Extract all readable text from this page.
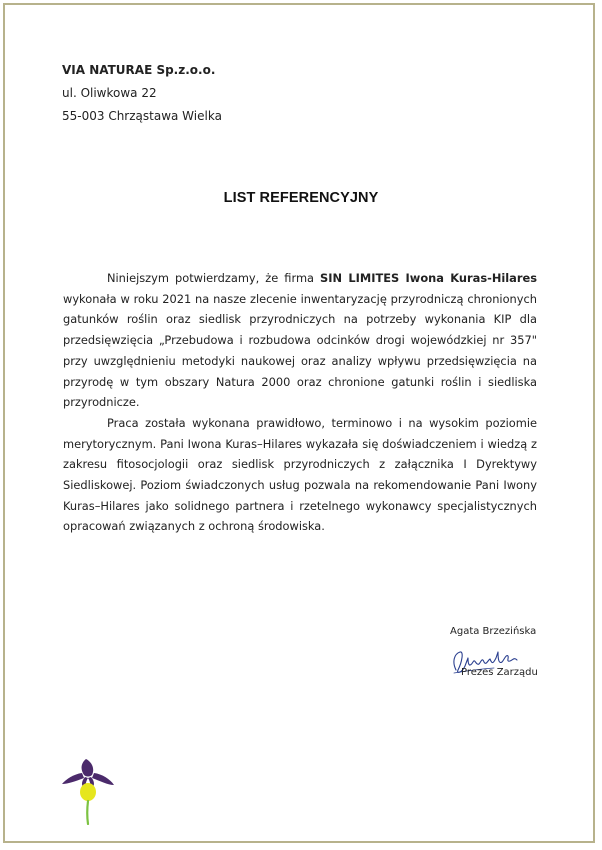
VIA NATURAE Sp.z.o.o.
ul. Oliwkowa 22
55-003 Chrząstawa Wielka
LIST REFERENCYJNY

Niniejszym potwierdzamy, że firma SIN LIMITES Iwona Kuras-Hilares wykonała w roku 2021 na nasze zlecenie inwentaryzację przyrodniczą chronionych gatunków roślin oraz siedlisk przyrodniczych na potrzeby wykonania KIP dla przedsięwzięcia „Przebudowa i rozbudowa odcinków drogi wojewódzkiej nr 357" przy uwzględnieniu metodyki naukowej oraz analizy wpływu przedsięwzięcia na przyrodę w tym obszary Natura 2000 oraz chronione gatunki roślin i siedliska przyrodnicze.

Praca została wykonana prawidłowo, terminowo i na wysokim poziomie merytorycznym. Pani Iwona Kuras–Hilares wykazała się doświadczeniem i wiedzą z zakresu fitosocjologii oraz siedlisk przyrodniczych z załącznika I Dyrektywy Siedliskowej. Poziom świadczonych usług pozwala na rekomendowanie Pani Iwony Kuras–Hilares jako solidnego partnera i rzetelnego wykonawcy specjalistycznych opracowań związanych z ochroną środowiska.

Agata Brzezińska
Prezes Zarządu
